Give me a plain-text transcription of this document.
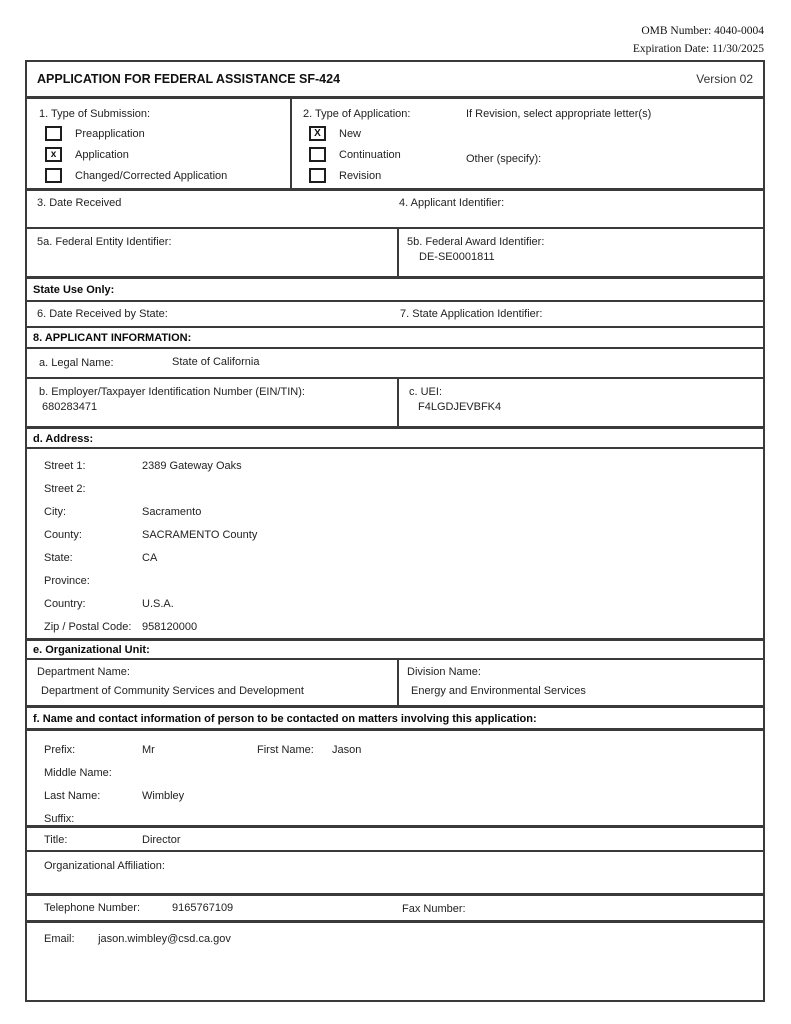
OMB Number: 4040-0004
Expiration Date: 11/30/2025
APPLICATION FOR FEDERAL ASSISTANCE SF-424	Version 02
1. Type of Submission:
Preapplication
x Application
Changed/Corrected Application
2. Type of Application:	If Revision, select appropriate letter(s)
Other (specify):
X New
Continuation
Revision
3. Date Received	4. Applicant Identifier:
5a. Federal Entity Identifier:	5b. Federal Award Identifier:
DE-SE0001811
State Use Only:
6. Date Received by State:	7. State Application Identifier:
8. APPLICANT INFORMATION:
a. Legal Name:	State of California
b. Employer/Taxpayer Identification Number (EIN/TIN):
680283471
c. UEI:
F4LGDJEVBFK4
d. Address:
Street 1:	2389 Gateway Oaks
Street 2:
City:	Sacramento
County:	SACRAMENTO County
State:	CA
Province:
Country:	U.S.A.
Zip / Postal Code: 958120000
e. Organizational Unit:
Department Name:
Department of Community Services and Development
Division Name:
Energy and Environmental Services
f. Name and contact information of person to be contacted on matters involving this application:
Prefix:	Mr	First Name:	Jason
Middle Name:
Last Name:	Wimbley
Suffix:
Title:	Director
Organizational Affiliation:
Telephone Number:	9165767109	Fax Number:
Email: jason.wimbley@csd.ca.gov
